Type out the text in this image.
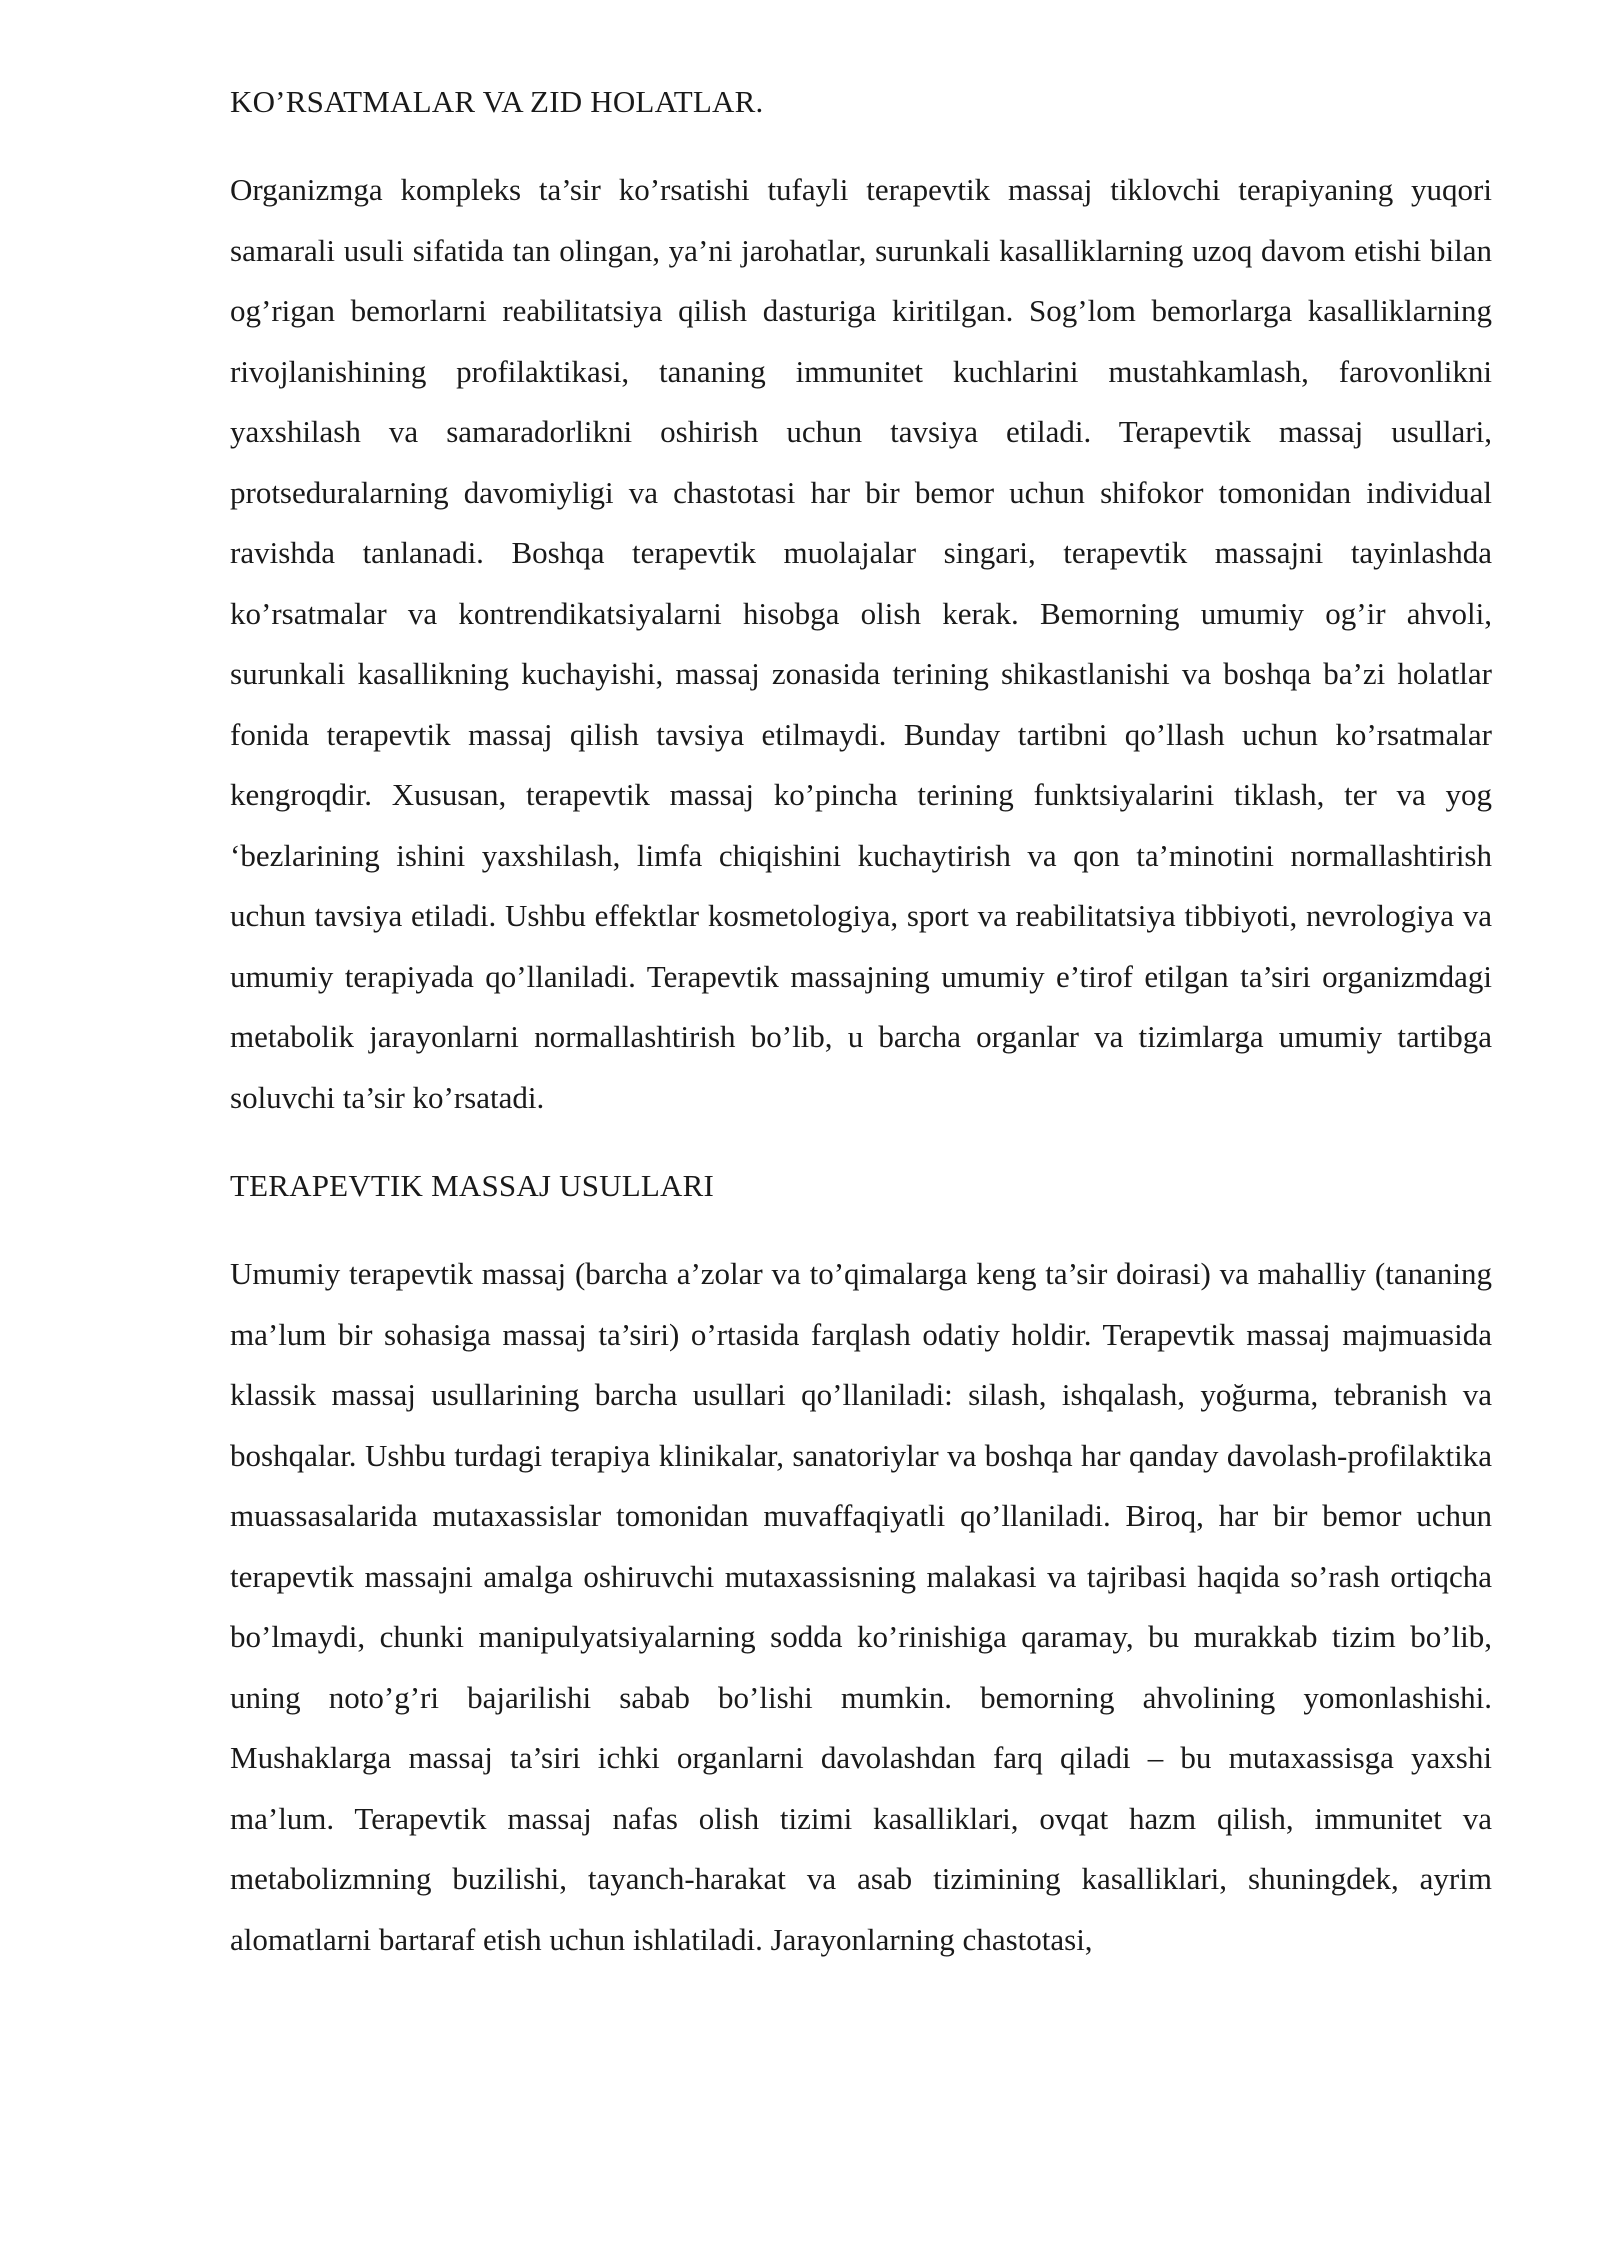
KO’RSATMALAR VA ZID HOLATLAR.

Organizmga kompleks ta’sir ko’rsatishi tufayli terapevtik massaj tiklovchi terapiyaning yuqori samarali usuli sifatida tan olingan, ya’ni jarohatlar, surunkali kasalliklarning uzoq davom etishi bilan og’rigan bemorlarni reabilitatsiya qilish dasturiga kiritilgan. Sog’lom bemorlarga kasalliklarning rivojlanishining profilaktikasi, tananing immunitet kuchlarini mustahkamlash, farovonlikni yaxshilash va samaradorlikni oshirish uchun tavsiya etiladi. Terapevtik massaj usullari, protseduralarning davomiyligi va chastotasi har bir bemor uchun shifokor tomonidan individual ravishda tanlanadi. Boshqa terapevtik muolajalar singari, terapevtik massajni tayinlashda ko’rsatmalar va kontrendikatsiyalarni hisobga olish kerak. Bemorning umumiy og’ir ahvoli, surunkali kasallikning kuchayishi, massaj zonasida terining shikastlanishi va boshqa ba’zi holatlar fonida terapevtik massaj qilish tavsiya etilmaydi. Bunday tartibni qo’llash uchun ko’rsatmalar kengroqdir. Xususan, terapevtik massaj ko’pincha terining funktsiyalarini tiklash, ter va yog ‘bezlarining ishini yaxshilash, limfa chiqishini kuchaytirish va qon ta’minotini normallashtirish uchun tavsiya etiladi. Ushbu effektlar kosmetologiya, sport va reabilitatsiya tibbiyoti, nevrologiya va umumiy terapiyada qo’llaniladi. Terapevtik massajning umumiy e’tirof etilgan ta’siri organizmdagi metabolik jarayonlarni normallashtirish bo’lib, u barcha organlar va tizimlarga umumiy tartibga soluvchi ta’sir ko’rsatadi.

TERAPEVTIK MASSAJ USULLARI

Umumiy terapevtik massaj (barcha a’zolar va to’qimalarga keng ta’sir doirasi) va mahalliy (tananing ma’lum bir sohasiga massaj ta’siri) o’rtasida farqlash odatiy holdir. Terapevtik massaj majmuasida klassik massaj usullarining barcha usullari qo’llaniladi: silash, ishqalash, yoğurma, tebranish va boshqalar. Ushbu turdagi terapiya klinikalar, sanatoriylar va boshqa har qanday davolash-profilaktika muassasalarida mutaxassislar tomonidan muvaffaqiyatli qo’llaniladi. Biroq, har bir bemor uchun terapevtik massajni amalga oshiruvchi mutaxassisning malakasi va tajribasi haqida so’rash ortiqcha bo’lmaydi, chunki manipulyatsiyalarning sodda ko’rinishiga qaramay, bu murakkab tizim bo’lib, uning noto’g’ri bajarilishi sabab bo’lishi mumkin. bemorning ahvolining yomonlashishi. Mushaklarga massaj ta’siri ichki organlarni davolashdan farq qiladi – bu mutaxassisga yaxshi ma’lum. Terapevtik massaj nafas olish tizimi kasalliklari, ovqat hazm qilish, immunitet va metabolizmning buzilishi, tayanch-harakat va asab tizimining kasalliklari, shuningdek, ayrim alomatlarni bartaraf etish uchun ishlatiladi. Jarayonlarning chastotasi,
